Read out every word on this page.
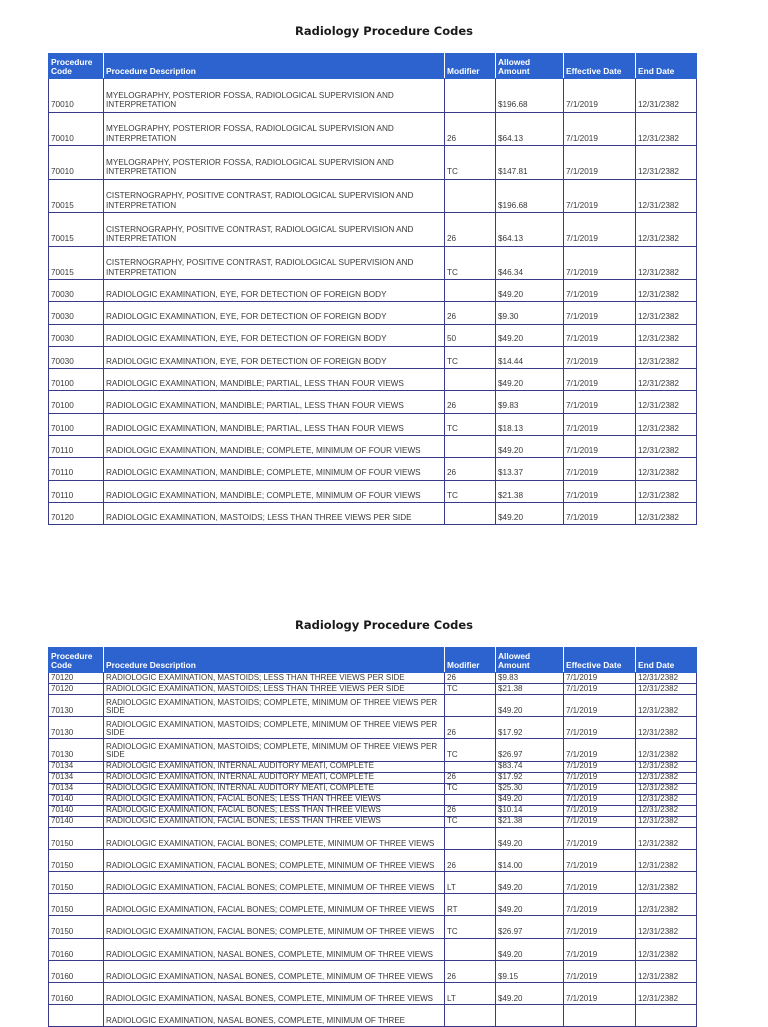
Radiology Procedure Codes
Procedure Code	Procedure Description	Modifier	Allowed Amount	Effective Date	End Date
70010	MYELOGRAPHY, POSTERIOR FOSSA, RADIOLOGICAL SUPERVISION AND INTERPRETATION		$196.68	7/1/2019	12/31/2382
70010	MYELOGRAPHY, POSTERIOR FOSSA, RADIOLOGICAL SUPERVISION AND INTERPRETATION	26	$64.13	7/1/2019	12/31/2382
70010	MYELOGRAPHY, POSTERIOR FOSSA, RADIOLOGICAL SUPERVISION AND INTERPRETATION	TC	$147.81	7/1/2019	12/31/2382
70015	CISTERNOGRAPHY, POSITIVE CONTRAST, RADIOLOGICAL SUPERVISION AND INTERPRETATION		$196.68	7/1/2019	12/31/2382
70015	CISTERNOGRAPHY, POSITIVE CONTRAST, RADIOLOGICAL SUPERVISION AND INTERPRETATION	26	$64.13	7/1/2019	12/31/2382
70015	CISTERNOGRAPHY, POSITIVE CONTRAST, RADIOLOGICAL SUPERVISION AND INTERPRETATION	TC	$46.34	7/1/2019	12/31/2382
70030	RADIOLOGIC EXAMINATION, EYE, FOR DETECTION OF FOREIGN BODY		$49.20	7/1/2019	12/31/2382
70030	RADIOLOGIC EXAMINATION, EYE, FOR DETECTION OF FOREIGN BODY	26	$9.30	7/1/2019	12/31/2382
70030	RADIOLOGIC EXAMINATION, EYE, FOR DETECTION OF FOREIGN BODY	50	$49.20	7/1/2019	12/31/2382
70030	RADIOLOGIC EXAMINATION, EYE, FOR DETECTION OF FOREIGN BODY	TC	$14.44	7/1/2019	12/31/2382
70100	RADIOLOGIC EXAMINATION, MANDIBLE; PARTIAL, LESS THAN FOUR VIEWS		$49.20	7/1/2019	12/31/2382
70100	RADIOLOGIC EXAMINATION, MANDIBLE; PARTIAL, LESS THAN FOUR VIEWS	26	$9.83	7/1/2019	12/31/2382
70100	RADIOLOGIC EXAMINATION, MANDIBLE; PARTIAL, LESS THAN FOUR VIEWS	TC	$18.13	7/1/2019	12/31/2382
70110	RADIOLOGIC EXAMINATION, MANDIBLE; COMPLETE, MINIMUM OF FOUR VIEWS		$49.20	7/1/2019	12/31/2382
70110	RADIOLOGIC EXAMINATION, MANDIBLE; COMPLETE, MINIMUM OF FOUR VIEWS	26	$13.37	7/1/2019	12/31/2382
70110	RADIOLOGIC EXAMINATION, MANDIBLE; COMPLETE, MINIMUM OF FOUR VIEWS	TC	$21.38	7/1/2019	12/31/2382
70120	RADIOLOGIC EXAMINATION, MASTOIDS; LESS THAN THREE VIEWS PER SIDE		$49.20	7/1/2019	12/31/2382
Radiology Procedure Codes
Procedure Code	Procedure Description	Modifier	Allowed Amount	Effective Date	End Date
70120	RADIOLOGIC EXAMINATION, MASTOIDS; LESS THAN THREE VIEWS PER SIDE	26	$9.83	7/1/2019	12/31/2382
70120	RADIOLOGIC EXAMINATION, MASTOIDS; LESS THAN THREE VIEWS PER SIDE	TC	$21.38	7/1/2019	12/31/2382
70130	RADIOLOGIC EXAMINATION, MASTOIDS; COMPLETE, MINIMUM OF THREE VIEWS PER SIDE		$49.20	7/1/2019	12/31/2382
70130	RADIOLOGIC EXAMINATION, MASTOIDS; COMPLETE, MINIMUM OF THREE VIEWS PER SIDE	26	$17.92	7/1/2019	12/31/2382
70130	RADIOLOGIC EXAMINATION, MASTOIDS; COMPLETE, MINIMUM OF THREE VIEWS PER SIDE	TC	$26.97	7/1/2019	12/31/2382
70134	RADIOLOGIC EXAMINATION, INTERNAL AUDITORY MEATI, COMPLETE		$83.74	7/1/2019	12/31/2382
70134	RADIOLOGIC EXAMINATION, INTERNAL AUDITORY MEATI, COMPLETE	26	$17.92	7/1/2019	12/31/2382
70134	RADIOLOGIC EXAMINATION, INTERNAL AUDITORY MEATI, COMPLETE	TC	$25.30	7/1/2019	12/31/2382
70140	RADIOLOGIC EXAMINATION, FACIAL BONES; LESS THAN THREE VIEWS		$49.20	7/1/2019	12/31/2382
70140	RADIOLOGIC EXAMINATION, FACIAL BONES; LESS THAN THREE VIEWS	26	$10.14	7/1/2019	12/31/2382
70140	RADIOLOGIC EXAMINATION, FACIAL BONES; LESS THAN THREE VIEWS	TC	$21.38	7/1/2019	12/31/2382
70150	RADIOLOGIC EXAMINATION, FACIAL BONES; COMPLETE, MINIMUM OF THREE VIEWS		$49.20	7/1/2019	12/31/2382
70150	RADIOLOGIC EXAMINATION, FACIAL BONES; COMPLETE, MINIMUM OF THREE VIEWS	26	$14.00	7/1/2019	12/31/2382
70150	RADIOLOGIC EXAMINATION, FACIAL BONES; COMPLETE, MINIMUM OF THREE VIEWS	LT	$49.20	7/1/2019	12/31/2382
70150	RADIOLOGIC EXAMINATION, FACIAL BONES; COMPLETE, MINIMUM OF THREE VIEWS	RT	$49.20	7/1/2019	12/31/2382
70150	RADIOLOGIC EXAMINATION, FACIAL BONES; COMPLETE, MINIMUM OF THREE VIEWS	TC	$26.97	7/1/2019	12/31/2382
70160	RADIOLOGIC EXAMINATION, NASAL BONES, COMPLETE, MINIMUM OF THREE VIEWS		$49.20	7/1/2019	12/31/2382
70160	RADIOLOGIC EXAMINATION, NASAL BONES, COMPLETE, MINIMUM OF THREE VIEWS	26	$9.15	7/1/2019	12/31/2382
70160	RADIOLOGIC EXAMINATION, NASAL BONES, COMPLETE, MINIMUM OF THREE VIEWS	LT	$49.20	7/1/2019	12/31/2382
	RADIOLOGIC EXAMINATION, NASAL BONES, COMPLETE, MINIMUM OF THREE				
